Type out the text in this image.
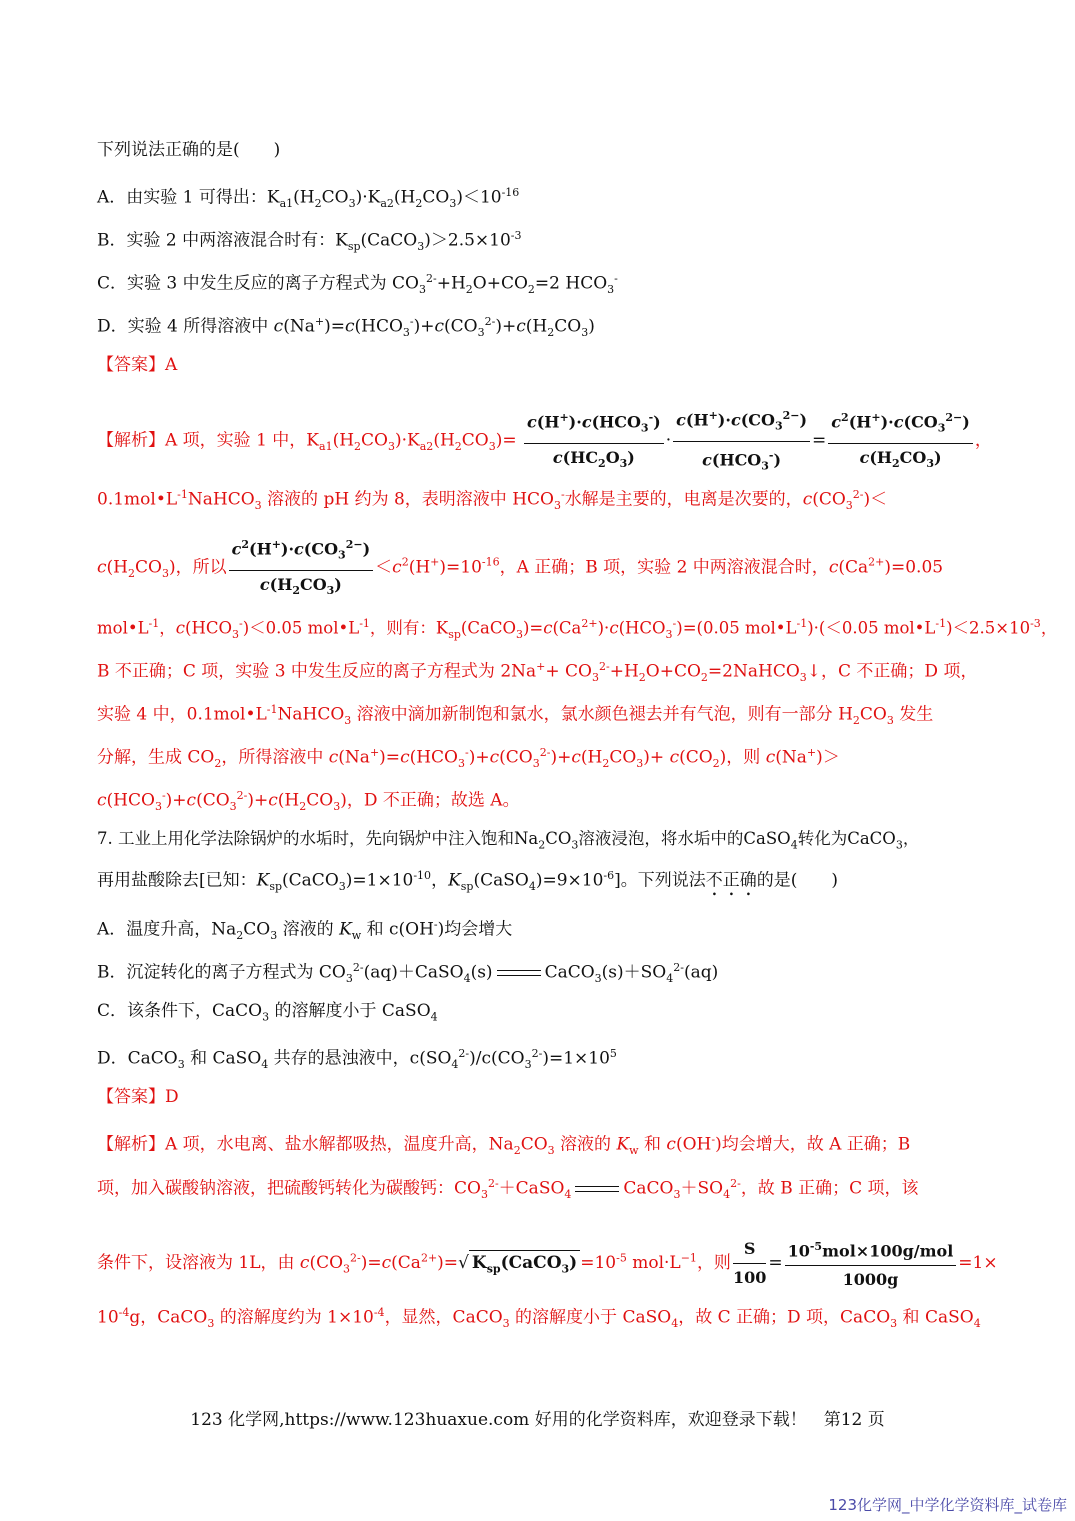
下列说法正确的是(　　)
A．由实验 1 可得出：$K_{a1}(H_2CO_3)\cdot K_{a2}(H_2CO_3)<10^{-16}$
B．实验 2 中两溶液混合时有：$K_{sp}(CaCO_3)>2.5\times 10^{-3}$
C．实验 3 中发生反应的离子方程式为 $CO_3^{2-}+H_2O+CO_2=2$ $HCO_3^-$
D．实验 4 所得溶液中 $c(Na^+)=c(HCO_3^-)+c(CO_3^{2-})+c(H_2CO_3)$
【答案】A
【解析】A 项，实验 1 中，$K_{a1}(H_2CO_3)\cdot K_{a2}(H_2CO_3)= \frac{c(H^+)\cdot c(HCO_3^-)}{c(HC_2O_3)} \cdot \frac{c(H^+)\cdot c(CO_3^{2-})}{c(HCO_3^-)} = \frac{c^2(H^+)\cdot c(CO_3^{2-})}{c(H_2CO_3)}$ ，
$0.1mol•L^{-1}NaHCO_3$ 溶液的 pH 约为 8，表明溶液中 $HCO_3^-$水解是主要的，电离是次要的，$c(CO_3^{2-})<$
$c(H_2CO_3)$，所以 $\frac{c^2(H^+)\cdot c(CO_3^{2-})}{c(H_2CO_3)} <c^2(H^+)=10^{-16}$，A 正确；B 项，实验 2 中两溶液混合时，$c(Ca^{2+})=0.05$
$mol•L^{-1}$，$c(HCO_3^-)<0.05$ $mol•L^{-1}$，则有：$K_{sp}(CaCO_3)=c(Ca^{2+})\cdot c(HCO_3^-)=(0.05$ $mol•L^{-1})\cdot(<0.05$ $mol•L^{-1})<2.5\times 10^{-3}$，
B 不正确；C 项，实验 3 中发生反应的离子方程式为 $2Na^++ CO_3^{2-}+H_2O+CO_2=2NaHCO_3↓$，C 不正确；D 项，
实验 4 中，$0.1mol•L^{-1}NaHCO_3$ 溶液中滴加新制饱和氯水，氯水颜色褪去并有气泡，则有一部分 $H_2CO_3$ 发生
分解，生成 $CO_2$，所得溶液中 $c(Na^+)=c(HCO_3^-)+c(CO_3^{2-})+c(H_2CO_3)+ c(CO_2)$，则 c(Na+)＞
$c(HCO_3^-)+c(CO_3^{2-})+c(H_2CO_3)$，D 不正确；故选 A。
7. 工业上用化学法除锅炉的水垢时，先向锅炉中注入饱和$Na_2CO_3$溶液浸泡，将水垢中的CaSO$_4$转化为CaCO$_3$，
再用盐酸除去[已知：$K_{sp}(CaCO_3)=1\times 10^{-10}$，$K_{sp}(CaSO_4)=9\times 10^{-6}$]。下列说法不正确的是(　　)
A．温度升高，$Na_2CO_3$ 溶液的 $K_w$ 和 c(OH-)均会增大
B．沉淀转化的离子方程式为 $CO_3^{2-}(aq)+CaSO_4(s)$	$CaCO_3(s)+SO_4^{2-}(aq)$
C．该条件下，CaCO$_3$ 的溶解度小于 CaSO$_4$
D．CaCO$_3$ 和 CaSO$_4$ 共存的悬浊液中，$c(SO_4^{2-})/c(CO_3^{2-})=1\times 10^5$
【答案】D
【解析】A 项，水电离、盐水解都吸热，温度升高，$Na_2CO_3$ 溶液的 $K_w$ 和 c(OH-)均会增大，故 A 正确；B
项，加入碳酸钠溶液，把硫酸钙转化为碳酸钙：$CO_3^{2-}+CaSO_4$	$CaCO_3+SO_4^{2-}$，故 B 正确；C 项，该
条件下，设溶液为 1L，由 $c(CO_3^{2-})=c(Ca^{2+})=√$ $K_{sp}(CaCO_3) =10^{-5}$ $mol\cdot L^{-1}$，则 $\frac{S}{100} = \frac{10^{-5}mol\times 100g/mol}{1000g} =1\times$
$10^{-4}g$，CaCO$_3$ 的溶解度约为 $1\times 10^{-4}$，显然，CaCO$_3$ 的溶解度小于 CaSO$_4$，故 C 正确；D 项，CaCO$_3$ 和 CaSO$_4$
123 化学网,https://www.123huaxue.com 好用的化学资料库，欢迎登录下载！　第12 页
123化学网_中学化学资料库_试卷库
